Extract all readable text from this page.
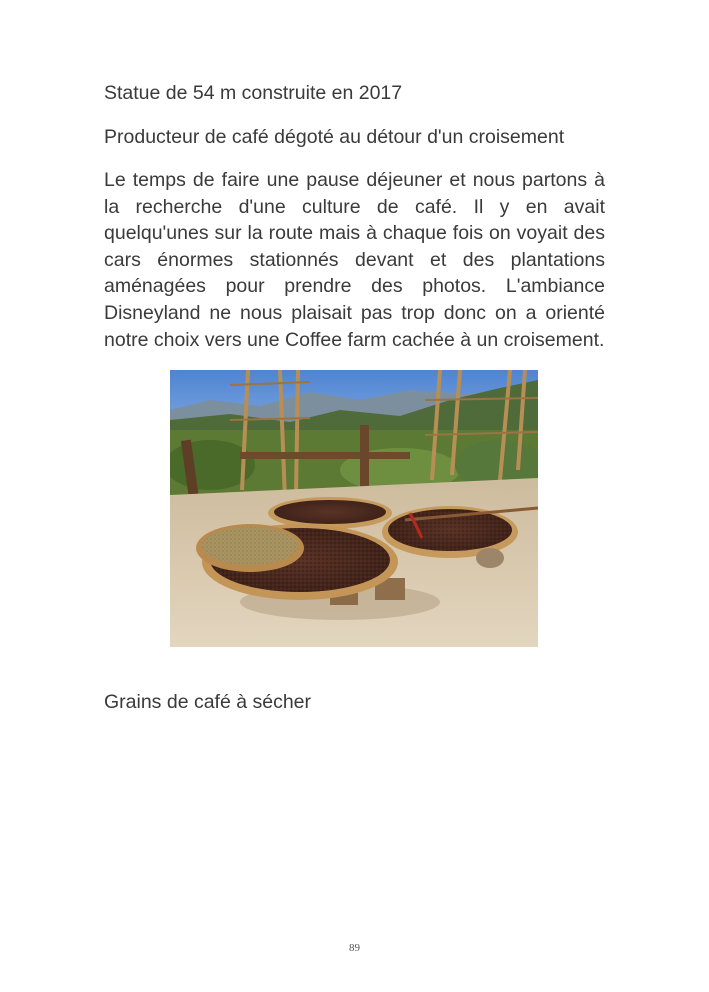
Statue de 54 m construite en 2017

Producteur de café dégoté au détour d'un croisement

Le temps de faire une pause déjeuner et nous partons à la recherche d'une culture de café. Il y en avait quelqu'unes sur la route mais à chaque fois on voyait des cars énormes stationnés devant et des plantations aménagées pour prendre des photos. L'ambiance Disneyland ne nous plaisait pas trop donc on a orienté notre choix vers une Coffee farm cachée à un croisement.

Grains de café à sécher

89
